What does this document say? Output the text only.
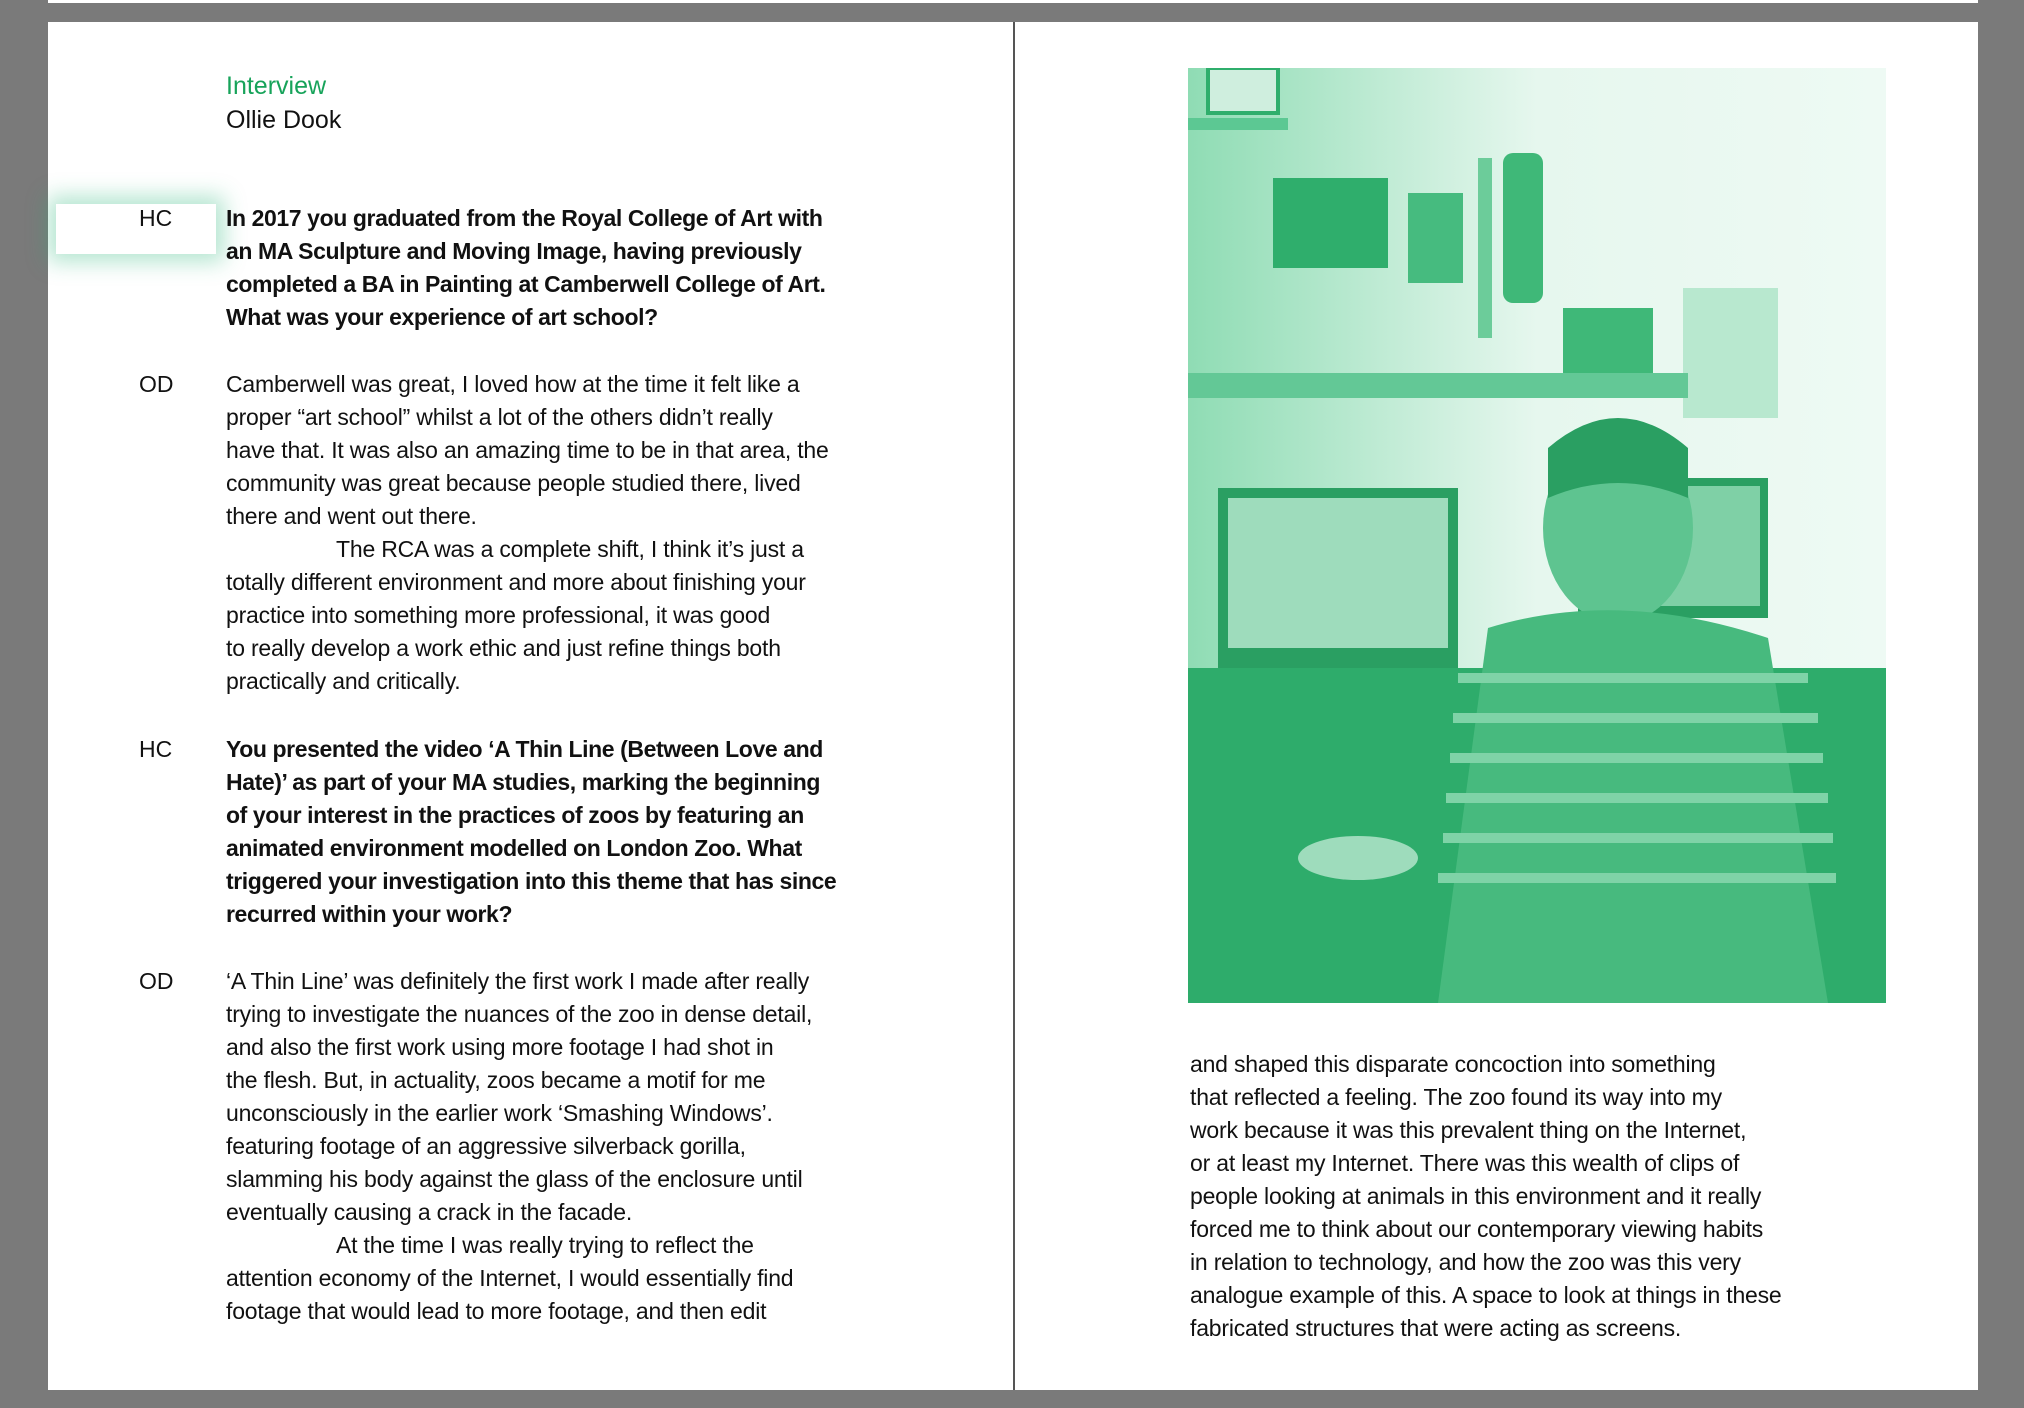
Interview
Ollie Dook
HC In 2017 you graduated from the Royal College of Art with
an MA Sculpture and Moving Image, having previously
completed a BA in Painting at Camberwell College of Art.
What was your experience of art school?
OD Camberwell was great, I loved how at the time it felt like a
proper “art school” whilst a lot of the others didn’t really
have that. It was also an amazing time to be in that area, the
community was great because people studied there, lived
there and went out there.
The RCA was a complete shift, I think it’s just a
totally different environment and more about finishing your
practice into something more professional, it was good
to really develop a work ethic and just refine things both
practically and critically.
HC You presented the video ‘A Thin Line (Between Love and
Hate)’ as part of your MA studies, marking the beginning
of your interest in the practices of zoos by featuring an
animated environment modelled on London Zoo. What
triggered your investigation into this theme that has since
recurred within your work?
OD ‘A Thin Line’ was definitely the first work I made after really
trying to investigate the nuances of the zoo in dense detail,
and also the first work using more footage I had shot in
the flesh. But, in actuality, zoos became a motif for me
unconsciously in the earlier work ‘Smashing Windows’.
featuring footage of an aggressive silverback gorilla,
slamming his body against the glass of the enclosure until
eventually causing a crack in the facade.
At the time I was really trying to reflect the
attention economy of the Internet, I would essentially find
footage that would lead to more footage, and then edit
and shaped this disparate concoction into something
that reflected a feeling. The zoo found its way into my
work because it was this prevalent thing on the Internet,
or at least my Internet. There was this wealth of clips of
people looking at animals in this environment and it really
forced me to think about our contemporary viewing habits
in relation to technology, and how the zoo was this very
analogue example of this. A space to look at things in these
fabricated structures that were acting as screens.
